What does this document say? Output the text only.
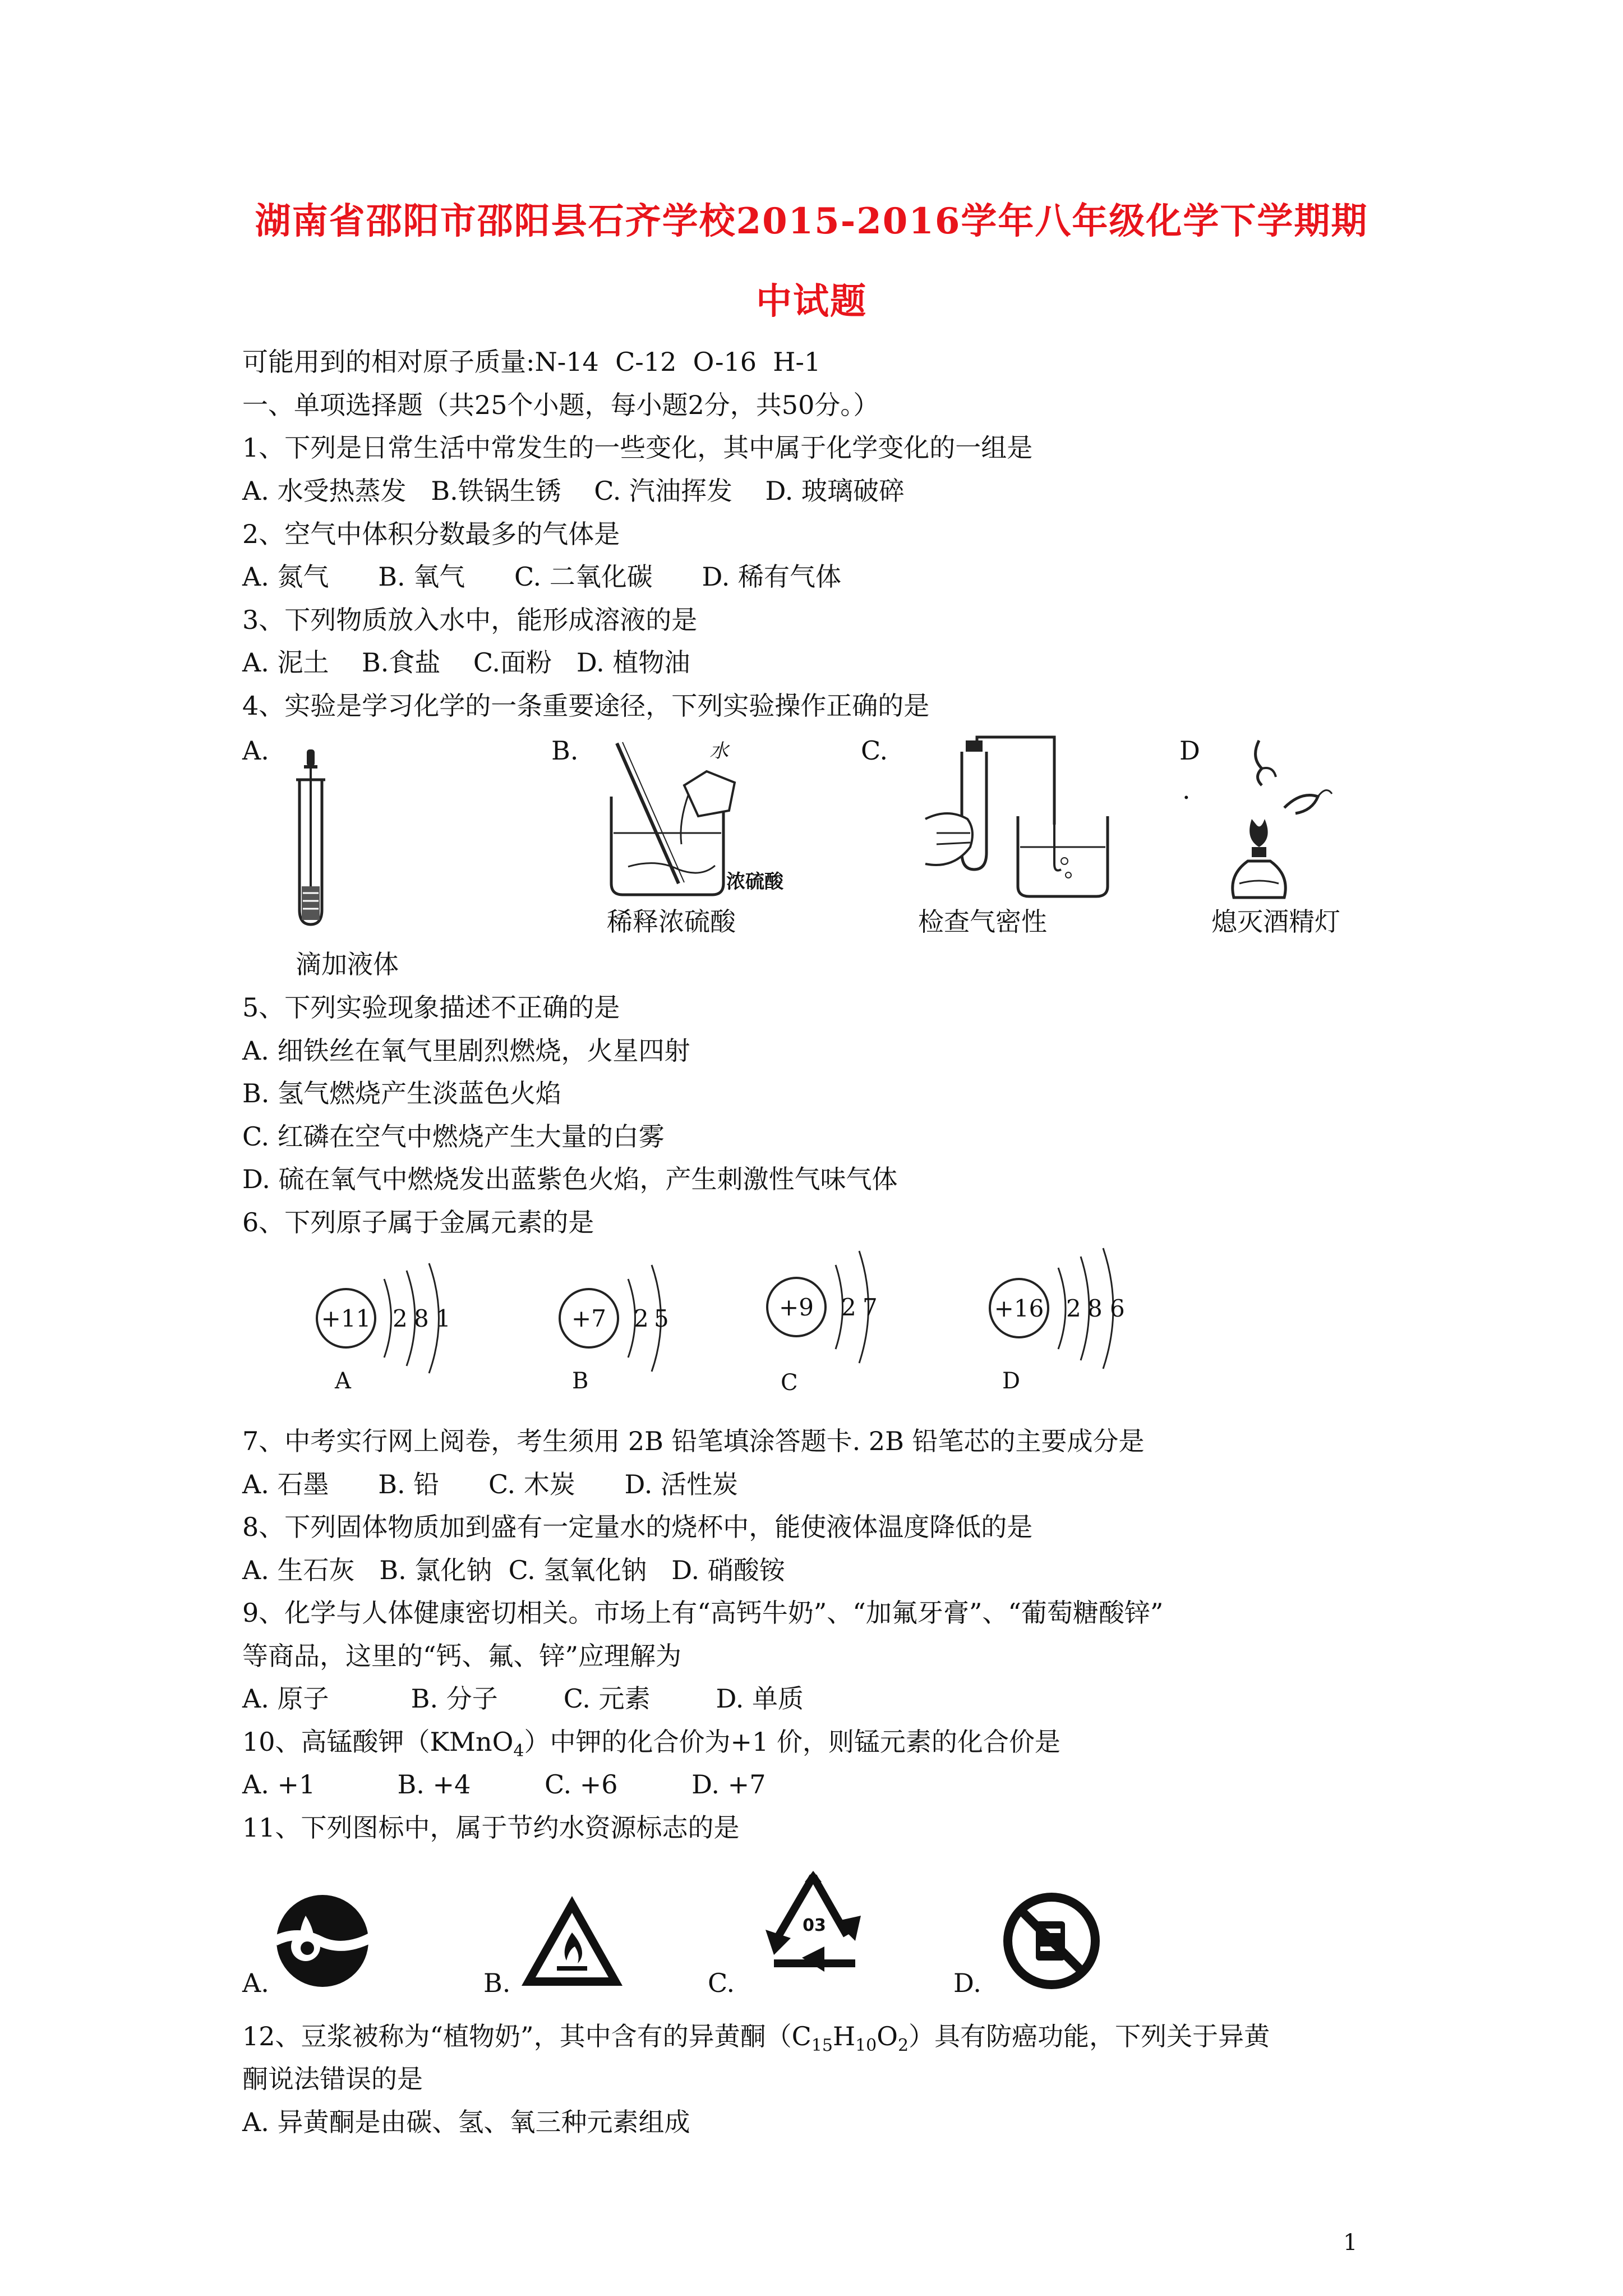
湖南省邵阳市邵阳县石齐学校2015-2016学年八年级化学下学期期
中试题
可能用到的相对原子质量:N-14  C-12  O-16  H-1
一、单项选择题（共25个小题，每小题2分，共50分。）
1、下列是日常生活中常发生的一些变化，其中属于化学变化的一组是
A. 水受热蒸发   B.铁锅生锈    C. 汽油挥发    D. 玻璃破碎
2、空气中体积分数最多的气体是
A. 氮气      B. 氧气      C. 二氧化碳      D. 稀有气体
3、下列物质放入水中，能形成溶液的是
A. 泥土    B.食盐    C.面粉   D. 植物油
4、实验是学习化学的一条重要途径，下列实验操作正确的是
A.	B.	C.	D
.
水
浓硫酸
滴加液体
稀释浓硫酸	检查气密性	熄灭酒精灯
5、下列实验现象描述不正确的是
A. 细铁丝在氧气里剧烈燃烧，火星四射
B. 氢气燃烧产生淡蓝色火焰
C. 红磷在空气中燃烧产生大量的白雾
D. 硫在氧气中燃烧发出蓝紫色火焰，产生刺激性气味气体
6、下列原子属于金属元素的是
+11 2 8 1
A
+7 2 5
B
+9 2 7
C
+16 2 8 6
D
7、中考实行网上阅卷，考生须用 2B 铅笔填涂答题卡. 2B 铅笔芯的主要成分是
A. 石墨      B. 铅      C. 木炭      D. 活性炭
8、下列固体物质加到盛有一定量水的烧杯中，能使液体温度降低的是
A. 生石灰   B. 氯化钠  C. 氢氧化钠   D. 硝酸铵
9、化学与人体健康密切相关。市场上有“高钙牛奶”、“加氟牙膏”、“葡萄糖酸锌”
等商品，这里的“钙、氟、锌”应理解为
A. 原子          B. 分子        C. 元素        D. 单质
10、高锰酸钾（KMnO$_4$）中钾的化合价为+1 价，则锰元素的化合价是
A. +1          B. +4         C. +6         D. +7
11、下列图标中，属于节约水资源标志的是
A.	B.	C.	D.
03
12、豆浆被称为“植物奶”，其中含有的异黄酮$(C_{15}H_{10}O_2)$具有防癌功能，下列关于异黄
酮说法错误的是
A. 异黄酮是由碳、氢、氧三种元素组成
1
